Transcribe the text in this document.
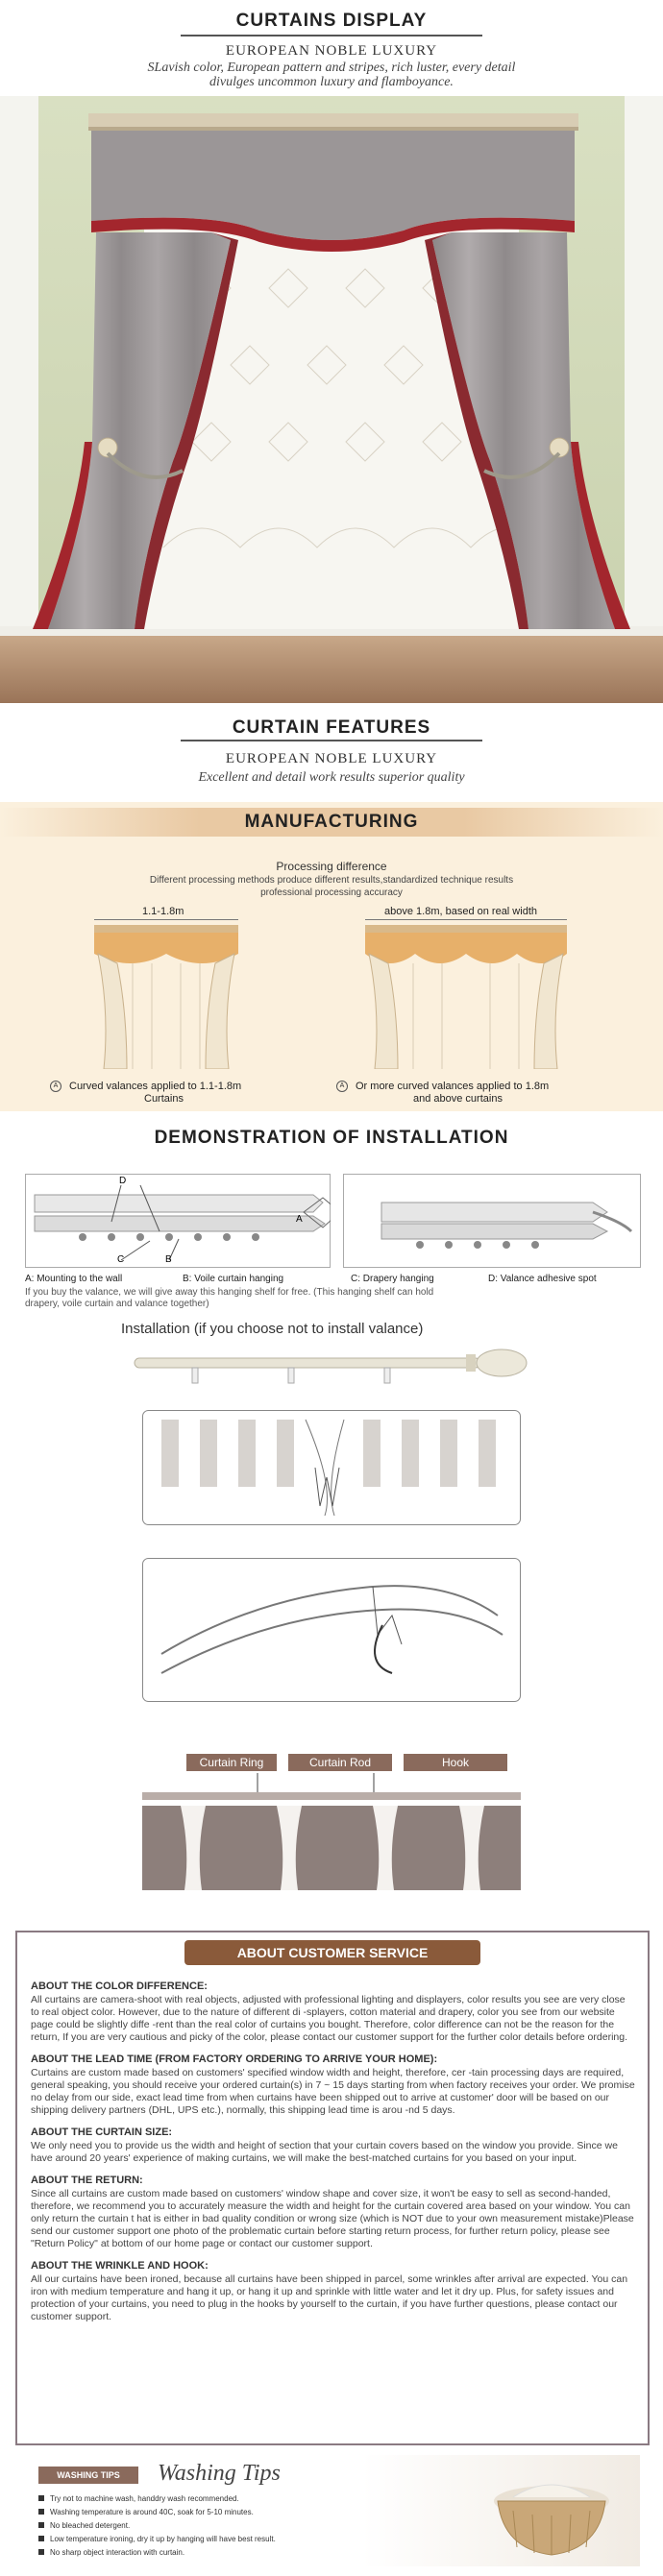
CURTAINS DISPLAY
EUROPEAN NOBLE LUXURY
SLavish color, European pattern and stripes, rich luster, every detail
divulges uncommon luxury and flamboyance.
CURTAIN FEATURES
EUROPEAN NOBLE LUXURY
Excellent and detail work results superior quality
MANUFACTURING
Processing difference
Different processing methods produce different results,standardized technique results
professional processing accuracy
1.1-1.8m	above 1.8m, based on real width
A	Curved valances applied to 1.1-1.8m
Curtains
A	Or more curved valances applied to 1.8m
and above curtains
DEMONSTRATION OF INSTALLATION
D
A
C	B
A: Mounting to the wall	B: Voile curtain hanging	C: Drapery hanging	D: Valance adhesive spot
If you buy the valance, we will give away this hanging shelf for free. (This hanging shelf can hold
drapery, voile curtain and valance together)
Installation (if you choose not to install valance)
Curtain Ring	Curtain Rod	Hook
ABOUT CUSTOMER SERVICE
ABOUT THE COLOR DIFFERENCE:
All curtains are camera-shoot with real objects, adjusted with professional lighting and displayers, color results you see are very close to real object color. However, due to the nature of different di -splayers, cotton material and drapery, color you see from our website page could be slightly diffe -rent than the real color of curtains you bought. Therefore, color difference can not be the reason for the return, If you are very cautious and picky of the color, please contact our customer support for the further color details before ordering.
ABOUT THE LEAD TIME (FROM FACTORY ORDERING TO ARRIVE YOUR HOME):
Curtains are custom made based on customers' specified window width and height, therefore, cer -tain processing days are required, general speaking, you should receive your ordered curtain(s) in 7 ~ 15 days starting from when factory receives your order. We promise no delay from our side, exact lead time from when curtains have been shipped out to arrive at customer' door will be based on our shipping delivery partners (DHL, UPS etc.), normally, this shipping lead time is arou -nd 5 days.
ABOUT THE CURTAIN SIZE:
We only need you to provide us the width and height of section that your curtain covers based on the window you provide. Since we have around 20 years' experience of making curtains, we will make the best-matched curtains for you based on your input.
ABOUT THE RETURN:
Since all curtains are custom made based on customers' window shape and cover size, it won't be easy to sell as second-handed, therefore, we recommend you to accurately measure the width and height for the curtain covered area based on your window. You can only return the curtain t hat is either in bad quality condition or wrong size (which is NOT due to your own measurement mistake)Please send our customer support one photo of the problematic curtain before starting return process, for further return policy, please see "Return Policy" at bottom of our home page or contact our customer support.
ABOUT THE WRINKLE AND HOOK:
All our curtains have been ironed, because all curtains have been shipped in parcel, some wrinkles after arrival are expected. You can iron with medium temperature and hang it up, or hang it up and sprinkle with little water and let it dry up. Plus, for safety issues and protection of your curtains, you need to plug in the hooks by yourself to the curtain, if you have further questions, please contact our customer support.
WASHING TIPS	Washing Tips
Try not to machine wash, handdry wash recommended.
Washing temperature is around 40C, soak for 5-10 minutes.
No bleached detergent.
Low temperature ironing, dry it up by hanging will have best result.
No sharp object interaction with curtain.
